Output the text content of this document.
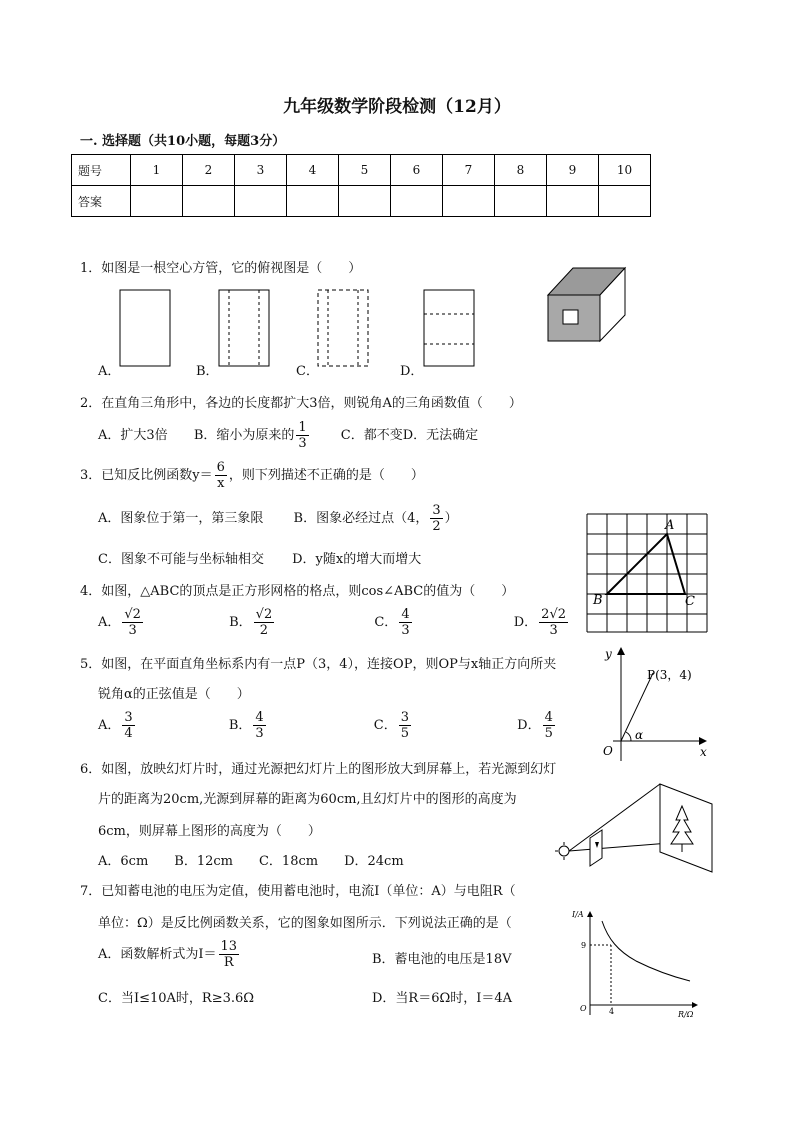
九年级数学阶段检测（12月）
一. 选择题（共10小题，每题3分）
题号	1	2	3	4	5	6	7	8	9	10
答案										
1．如图是一根空心方管，它的俯视图是（　　）
A．	B．	C．	D．
2．在直角三角形中，各边的长度都扩大3倍，则锐角A的三角函数值（　　）
A．扩大3倍 B．缩小为原来的 $\frac{1}{3}$ C．都不变D．无法确定
3．已知反比例函数$y= \frac{6}{x}$ ，则下列描述不正确的是（　　）
A．图象位于第一，第三象限 B．图象必经过点（4， $\frac{3}{2}$ ）
C．图象不可能与坐标轴相交 D．y随x的增大而增大
A
B	C
4．如图，△ABC的顶点是正方形网格的格点，则cos∠ABC的值为（　　）
A． $\frac{√2}{3}$	B． $\frac{√2}{2}$	C． $\frac{4}{3}$	D． $\frac{2√2}{3}$
5．如图，在平面直角坐标系内有一点P（3，4），连接OP，则OP与x轴正方向所夹
锐角α的正弦值是（　　）
A． $\frac{3}{4}$	B． $\frac{4}{3}$	C． $\frac{3}{5}$	D． $\frac{4}{5}$
y
x
O
P(3，4)
α
6．如图，放映幻灯片时，通过光源把幻灯片上的图形放大到屏幕上，若光源到幻灯
片的距离为20cm,光源到屏幕的距离为60cm,且幻灯片中的图形的高度为
6cm，则屏幕上图形的高度为（　　）
A．6cm　　B．12cm　　C．18cm　　D．24cm
7．已知蓄电池的电压为定值，使用蓄电池时，电流I（单位：A）与电阻R（
单位：Ω）是反比例函数关系，它的图象如图所示．下列说法正确的是（
A．函数解析式为$I= \frac{13}{R}$	B．蓄电池的电压是18V
C．当I≤10A时，R≥3.6Ω	D．当R＝6Ω时，I＝4A
I/A
R/Ω
O
9
4
